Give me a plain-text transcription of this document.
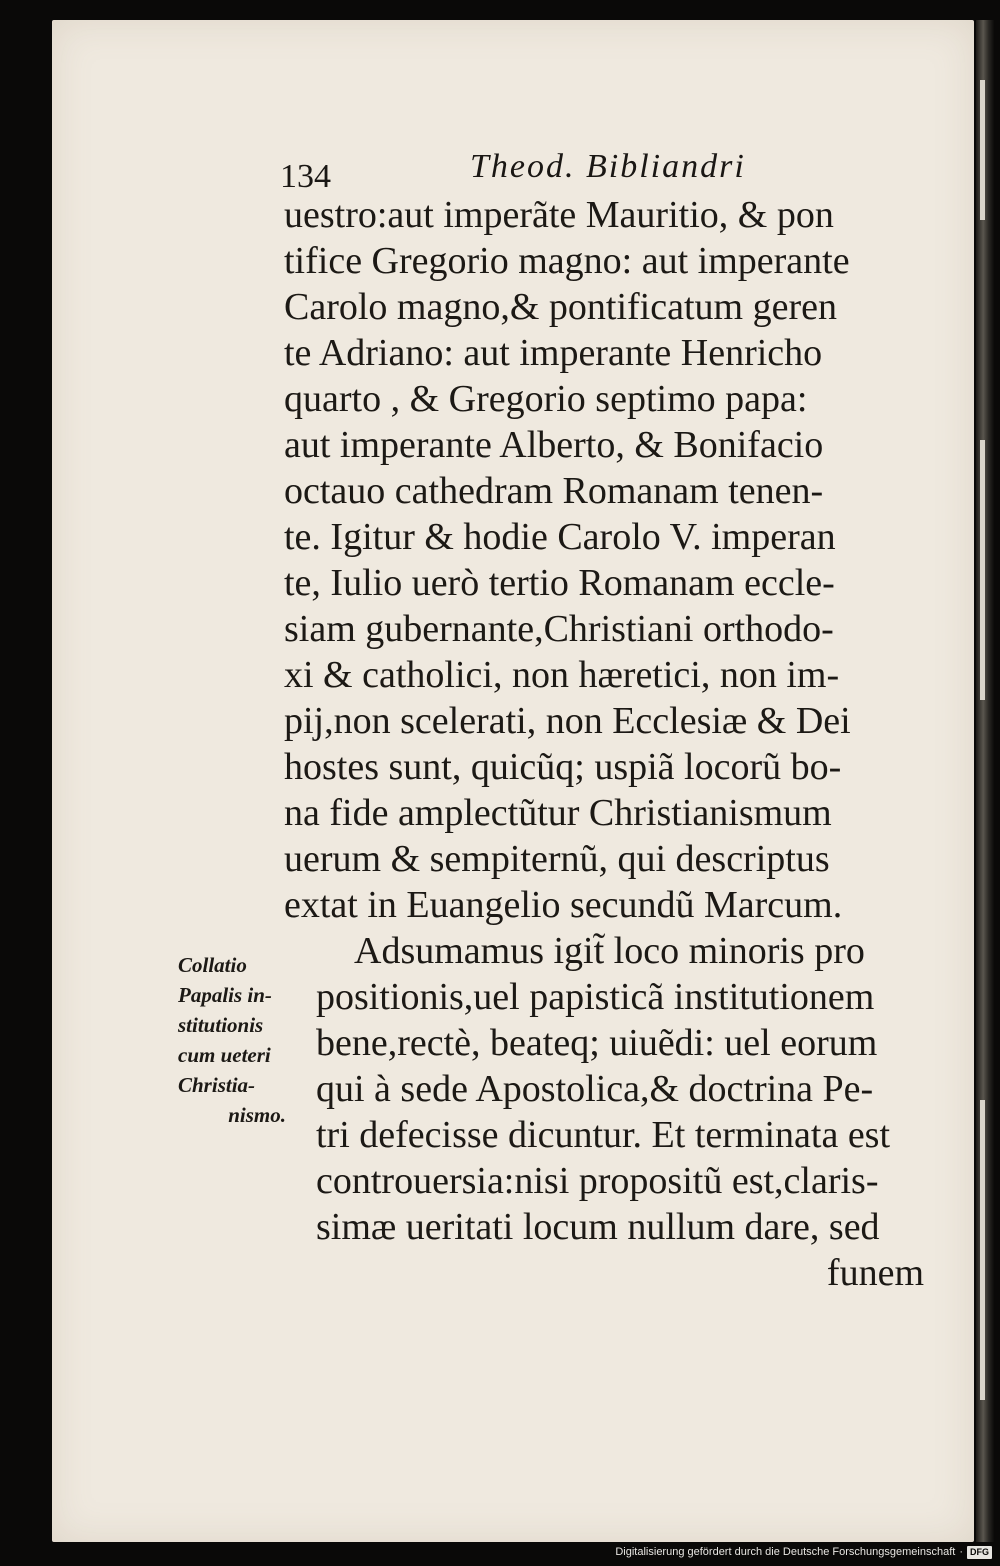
134	Theod. Bibliandri
uestro:aut imperãte Mauritio, & pon
tifice Gregorio magno: aut imperante
Carolo magno,& pontificatum geren
te Adriano: aut imperante Henricho
quarto , & Gregorio septimo papa:
aut imperante Alberto, & Bonifacio
octauo cathedram Romanam tenen-
te. Igitur & hodie Carolo V. imperan
te, Iulio uerò tertio Romanam eccle-
siam gubernante,Christiani orthodo-
xi & catholici, non hæretici, non im-
pij,non scelerati, non Ecclesiæ & Dei
hostes sunt, quicũq; uspiã locorũ bo-
na fide amplectũtur Christianismum
uerum & sempiternũ, qui descriptus
extat in Euangelio secundũ Marcum.
Adsumamus igit̃ loco minoris pro
positionis,uel papisticã institutionem
bene,rectè, beateq; uiuẽdi: uel eorum
qui à sede Apostolica,& doctrina Pe-
tri defecisse dicuntur. Et terminata est
controuersia:nisi propositũ est,claris-
simæ ueritati locum nullum dare, sed
funem
Collatio
Papalis in-
stitutionis
cum ueteri
Christia-
nismo.
Digitalisierung gefördert durch die Deutsche Forschungsgemeinschaft · DFG
